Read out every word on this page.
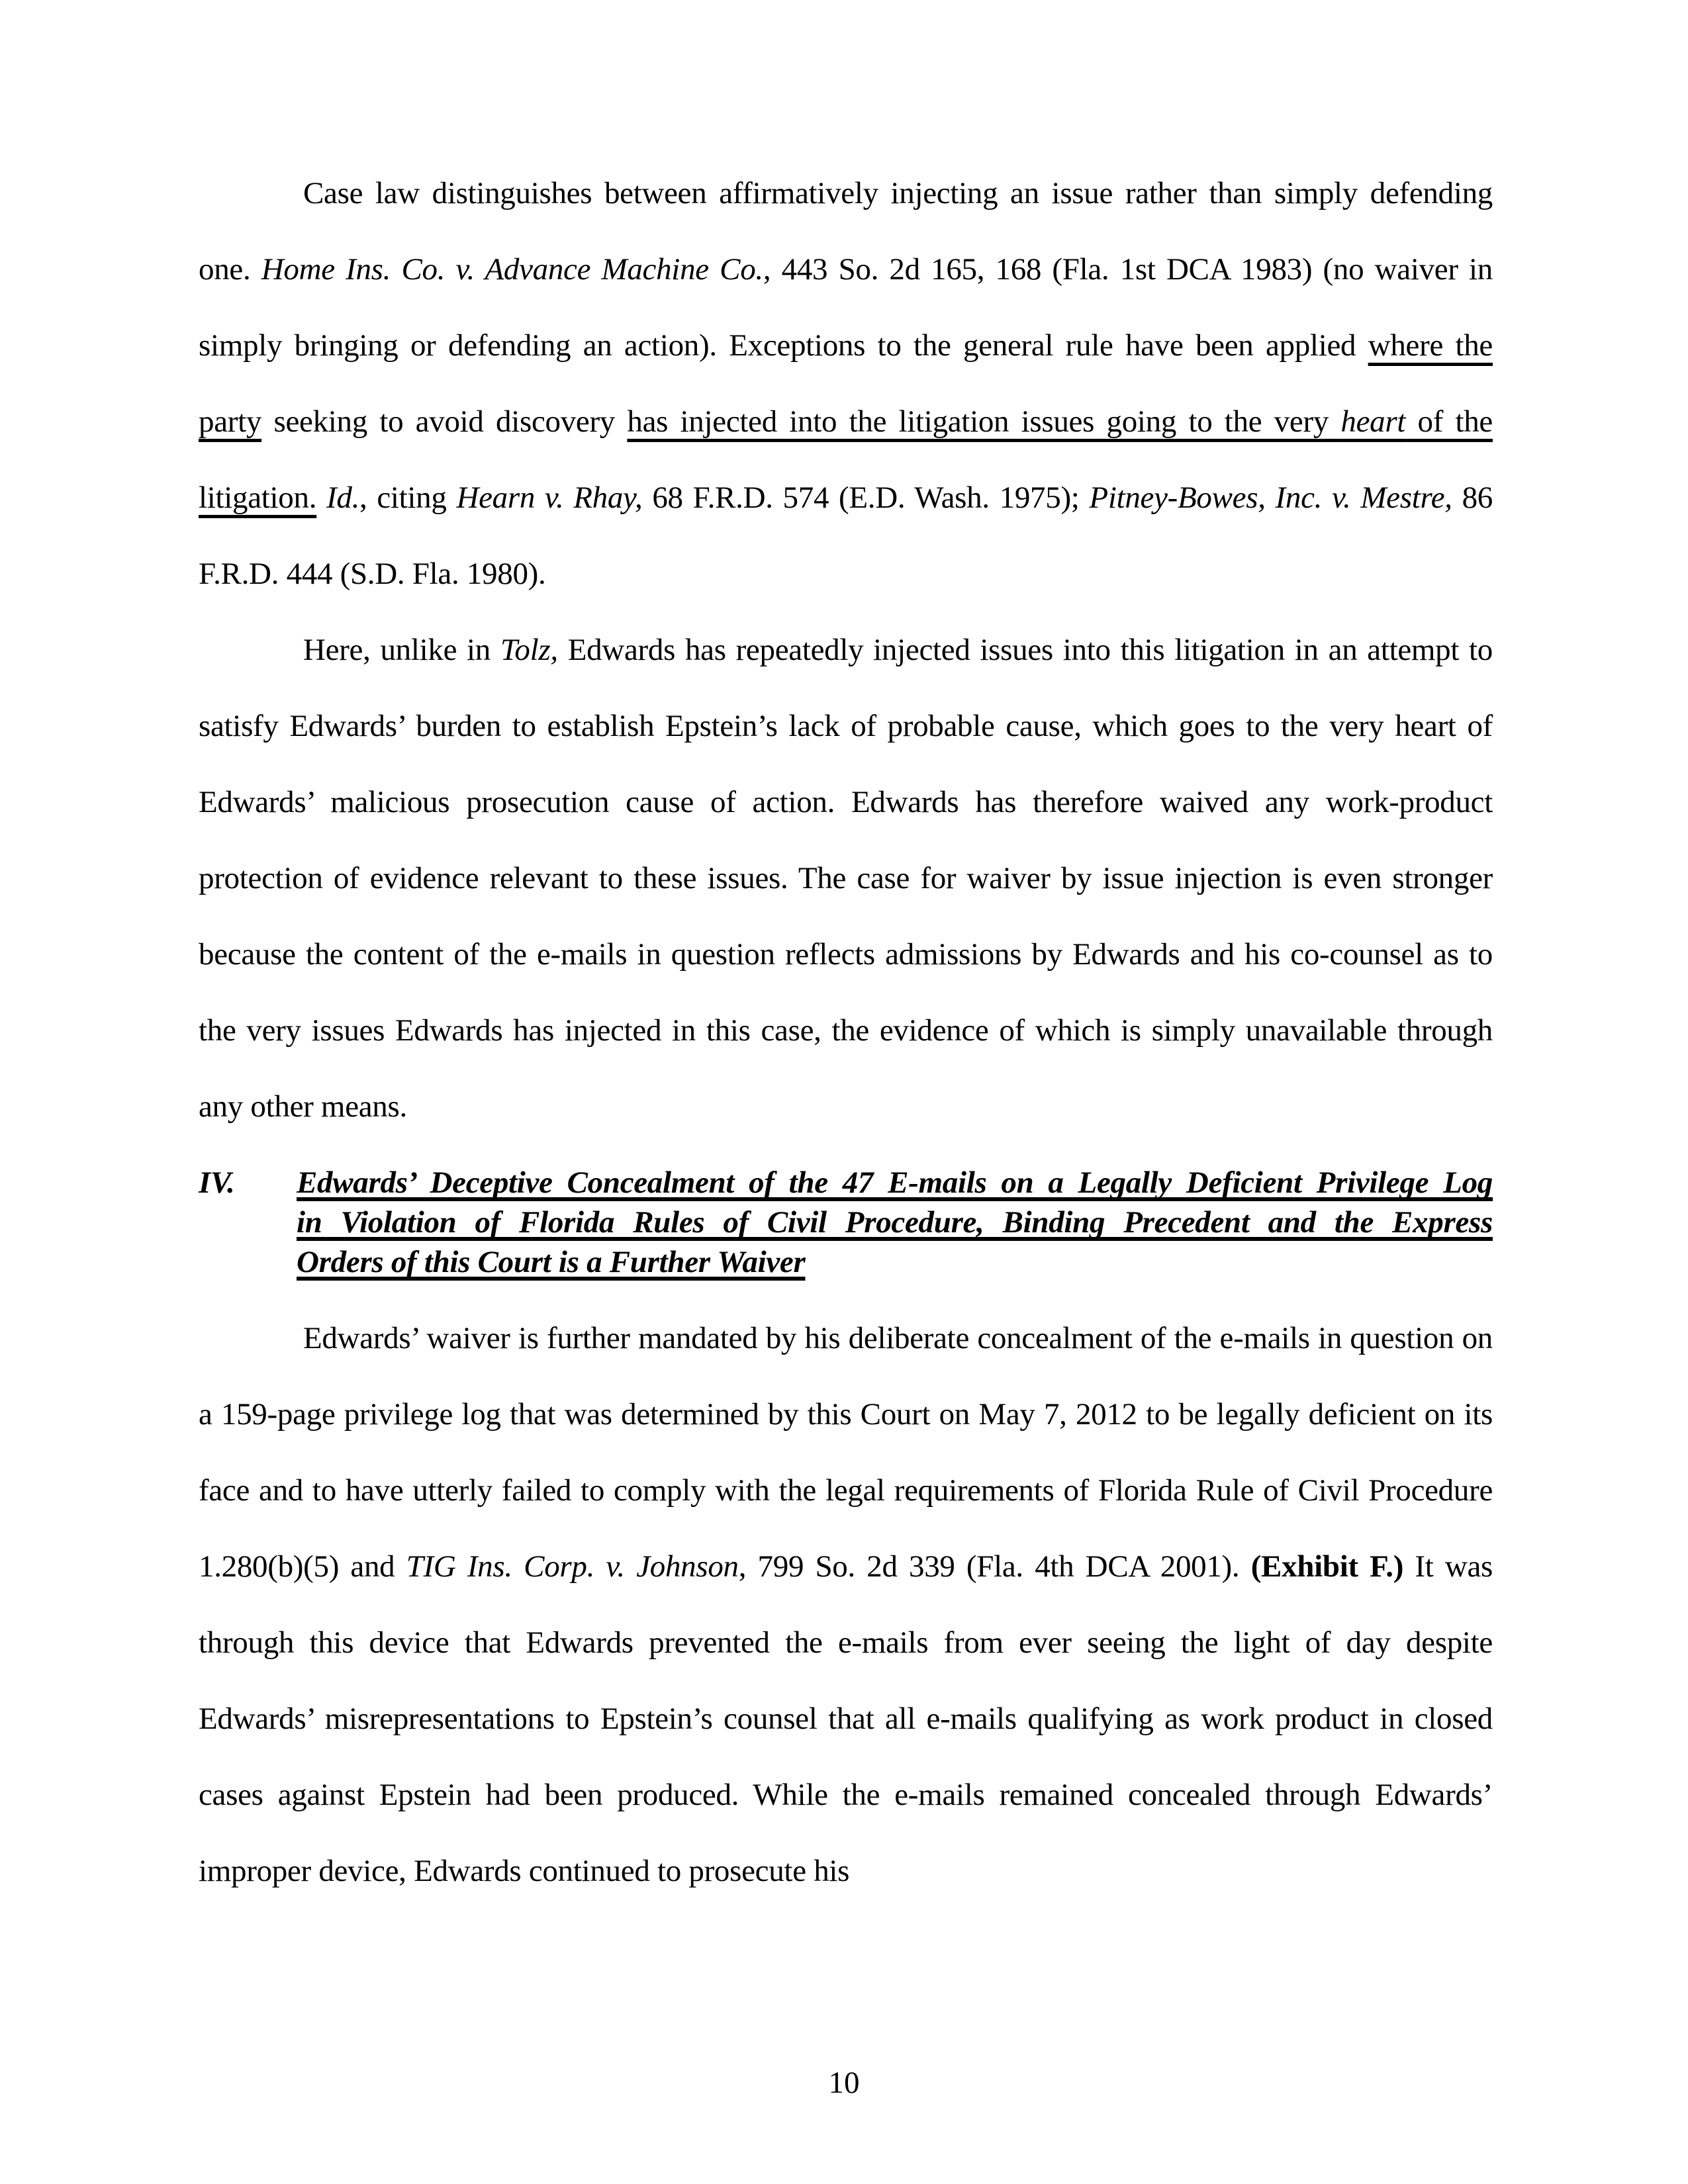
Case law distinguishes between affirmatively injecting an issue rather than simply defending one. Home Ins. Co. v. Advance Machine Co., 443 So. 2d 165, 168 (Fla. 1st DCA 1983) (no waiver in simply bringing or defending an action). Exceptions to the general rule have been applied where the party seeking to avoid discovery has injected into the litigation issues going to the very heart of the litigation. Id., citing Hearn v. Rhay, 68 F.R.D. 574 (E.D. Wash. 1975); Pitney-Bowes, Inc. v. Mestre, 86 F.R.D. 444 (S.D. Fla. 1980).

Here, unlike in Tolz, Edwards has repeatedly injected issues into this litigation in an attempt to satisfy Edwards’ burden to establish Epstein’s lack of probable cause, which goes to the very heart of Edwards’ malicious prosecution cause of action. Edwards has therefore waived any work-product protection of evidence relevant to these issues. The case for waiver by issue injection is even stronger because the content of the e-mails in question reflects admissions by Edwards and his co-counsel as to the very issues Edwards has injected in this case, the evidence of which is simply unavailable through any other means.

IV. Edwards’ Deceptive Concealment of the 47 E-mails on a Legally Deficient Privilege Log
in Violation of Florida Rules of Civil Procedure, Binding Precedent and the Express
Orders of this Court is a Further Waiver

Edwards’ waiver is further mandated by his deliberate concealment of the e-mails in question on a 159-page privilege log that was determined by this Court on May 7, 2012 to be legally deficient on its face and to have utterly failed to comply with the legal requirements of Florida Rule of Civil Procedure 1.280(b)(5) and TIG Ins. Corp. v. Johnson, 799 So. 2d 339 (Fla. 4th DCA 2001). (Exhibit F.) It was through this device that Edwards prevented the e-mails from ever seeing the light of day despite Edwards’ misrepresentations to Epstein’s counsel that all e-mails qualifying as work product in closed cases against Epstein had been produced. While the e-mails remained concealed through Edwards’ improper device, Edwards continued to prosecute his

10
